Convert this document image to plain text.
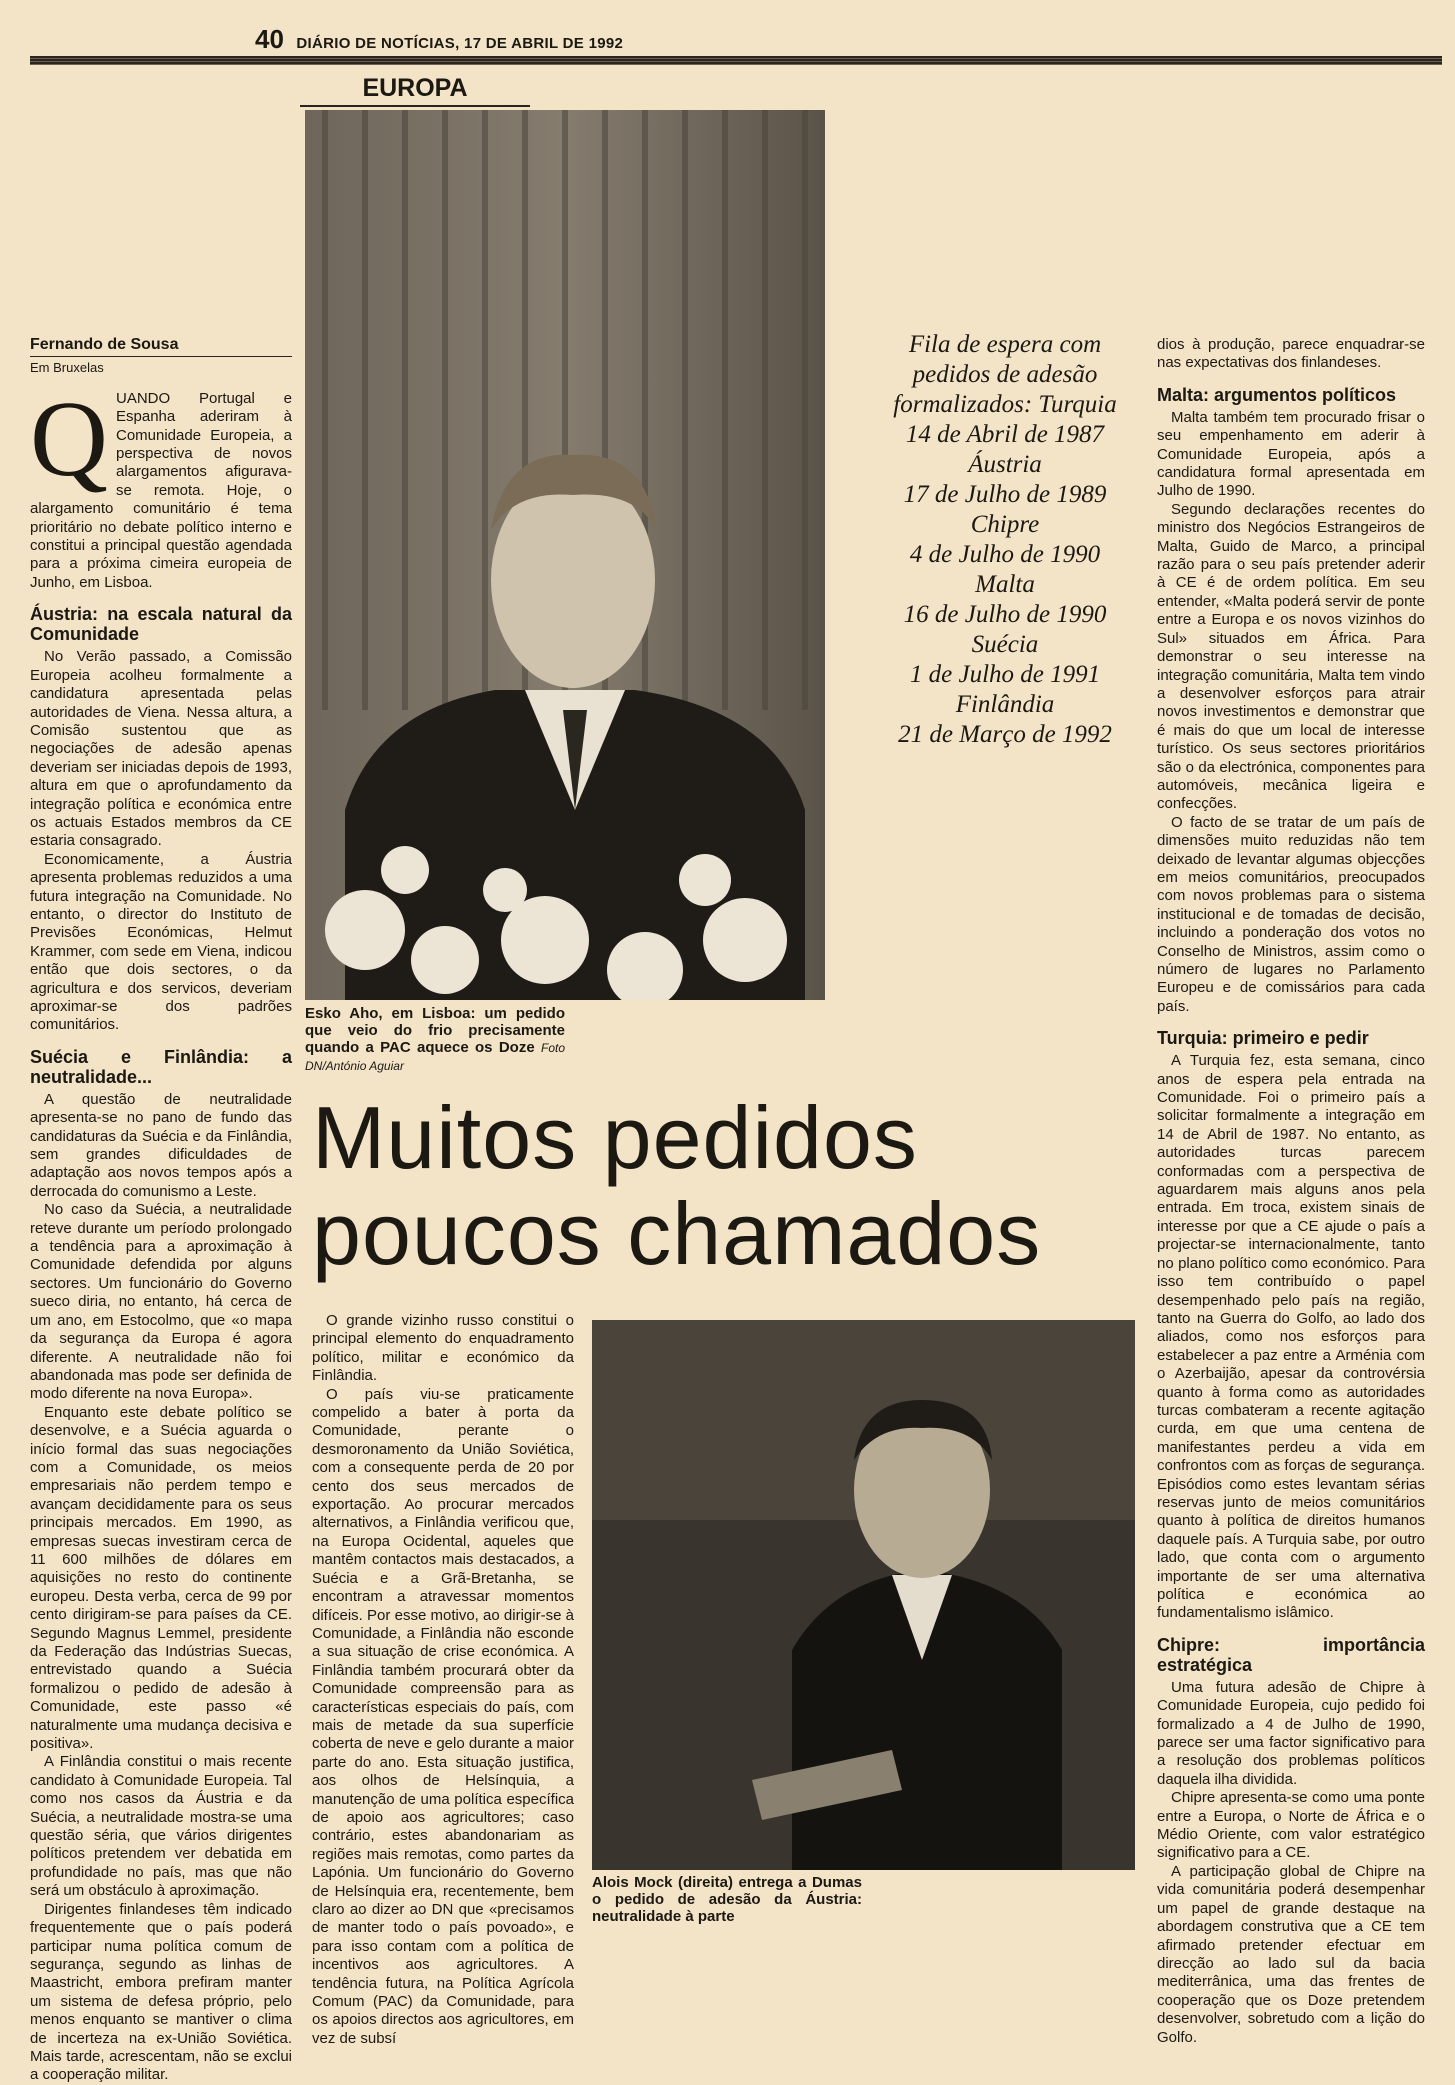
40 DIÁRIO DE NOTÍCIAS, 17 DE ABRIL DE 1992
EUROPA
Fernando de Sousa
Em Bruxelas
Q UANDO Portugal e Espanha aderiram à Comunidade Europeia, a perspectiva de novos alargamentos afigurava-se remota. Hoje, o alargamento comunitário é tema prioritário no debate político interno e constitui a principal questão agendada para a próxima cimeira europeia de Junho, em Lisboa.
Áustria: na escala natural da Comunidade

No Verão passado, a Comissão Europeia acolheu formalmente a candidatura apresentada pelas autoridades de Viena. Nessa altura, a Comisão sustentou que as negociações de adesão apenas deveriam ser iniciadas depois de 1993, altura em que o aprofundamento da integração política e económica entre os actuais Estados membros da CE estaria consagrado.

Economicamente, a Áustria apresenta problemas reduzidos a uma futura integração na Comunidade. No entanto, o director do Instituto de Previsões Económicas, Helmut Krammer, com sede em Viena, indicou então que dois sectores, o da agricultura e dos servicos, deveriam aproximar-se dos padrões comunitários.

Suécia e Finlândia: a neutralidade...

A questão de neutralidade apresenta-se no pano de fundo das candidaturas da Suécia e da Finlândia, sem grandes dificuldades de adaptação aos novos tempos após a derrocada do comunismo a Leste.

No caso da Suécia, a neutralidade reteve durante um período prolongado a tendência para a aproximação à Comunidade defendida por alguns sectores. Um funcionário do Governo sueco diria, no entanto, há cerca de um ano, em Estocolmo, que «o mapa da segurança da Europa é agora diferente. A neutralidade não foi abandonada mas pode ser definida de modo diferente na nova Europa».

Enquanto este debate político se desenvolve, e a Suécia aguarda o início formal das suas negociações com a Comunidade, os meios empresariais não perdem tempo e avançam decididamente para os seus principais mercados. Em 1990, as empresas suecas investiram cerca de 11 600 milhões de dólares em aquisições no resto do continente europeu. Desta verba, cerca de 99 por cento dirigiram-se para países da CE. Segundo Magnus Lemmel, presidente da Federação das Indústrias Suecas, entrevistado quando a Suécia formalizou o pedido de adesão à Comunidade, este passo «é naturalmente uma mudança decisiva e positiva».

A Finlândia constitui o mais recente candidato à Comunidade Europeia. Tal como nos casos da Áustria e da Suécia, a neutralidade mostra-se uma questão séria, que vários dirigentes políticos pretendem ver debatida em profundidade no país, mas que não será um obstáculo à aproximação.

Dirigentes finlandeses têm indicado frequentemente que o país poderá participar numa política comum de segurança, segundo as linhas de Maastricht, embora prefiram manter um sistema de defesa próprio, pelo menos enquanto se mantiver o clima de incerteza na ex-União Soviética. Mais tarde, acrescentam, não se exclui a cooperação militar.

Esko Aho, em Lisboa: um pedido que veio do frio precisamente quando a PAC aquece os Doze Foto DN/António Aguiar
Muitos pedidos
poucos chamados

O grande vizinho russo constitui o principal elemento do enquadramento político, militar e económico da Finlândia.

O país viu-se praticamente compelido a bater à porta da Comunidade, perante o desmoronamento da União Soviética, com a consequente perda de 20 por cento dos seus mercados de exportação. Ao procurar mercados alternativos, a Finlândia verificou que, na Europa Ocidental, aqueles que mantêm contactos mais destacados, a Suécia e a Grã-Bretanha, se encontram a atravessar momentos difíceis. Por esse motivo, ao dirigir-se à Comunidade, a Finlândia não esconde a sua situação de crise económica. A Finlândia também procurará obter da Comunidade compreensão para as características especiais do país, com mais de metade da sua superfície coberta de neve e gelo durante a maior parte do ano. Esta situação justifica, aos olhos de Helsínquia, a manutenção de uma política específica de apoio aos agricultores; caso contrário, estes abandonariam as regiões mais remotas, como partes da Lapónia. Um funcionário do Governo de Helsínquia era, recentemente, bem claro ao dizer ao DN que «precisamos de manter todo o país povoado», e para isso contam com a política de incentivos aos agricultores. A tendência futura, na Política Agrícola Comum (PAC) da Comunidade, para os apoios directos aos agricultores, em vez de subsí

Alois Mock (direita) entrega a Dumas o pedido de adesão da Áustria: neutralidade à parte
Fila de espera com
pedidos de adesão
formalizados: Turquia
14 de Abril de 1987
Áustria
17 de Julho de 1989
Chipre
4 de Julho de 1990
Malta
16 de Julho de 1990
Suécia
1 de Julho de 1991
Finlândia
21 de Março de 1992

dios à produção, parece enquadrar-se nas expectativas dos finlandeses.

Malta: argumentos políticos

Malta também tem procurado frisar o seu empenhamento em aderir à Comunidade Europeia, após a candidatura formal apresentada em Julho de 1990.

Segundo declarações recentes do ministro dos Negócios Estrangeiros de Malta, Guido de Marco, a principal razão para o seu país pretender aderir à CE é de ordem política. Em seu entender, «Malta poderá servir de ponte entre a Europa e os novos vizinhos do Sul» situados em África. Para demonstrar o seu interesse na integração comunitária, Malta tem vindo a desenvolver esforços para atrair novos investimentos e demonstrar que é mais do que um local de interesse turístico. Os seus sectores prioritários são o da electrónica, componentes para automóveis, mecânica ligeira e confecções.

O facto de se tratar de um país de dimensões muito reduzidas não tem deixado de levantar algumas objecções em meios comunitários, preocupados com novos problemas para o sistema institucional e de tomadas de decisão, incluindo a ponderação dos votos no Conselho de Ministros, assim como o número de lugares no Parlamento Europeu e de comissários para cada país.

Turquia: primeiro e pedir

A Turquia fez, esta semana, cinco anos de espera pela entrada na Comunidade. Foi o primeiro país a solicitar formalmente a integração em 14 de Abril de 1987. No entanto, as autoridades turcas parecem conformadas com a perspectiva de aguardarem mais alguns anos pela entrada. Em troca, existem sinais de interesse por que a CE ajude o país a projectar-se internacionalmente, tanto no plano político como económico. Para isso tem contribuído o papel desempenhado pelo país na região, tanto na Guerra do Golfo, ao lado dos aliados, como nos esforços para estabelecer a paz entre a Arménia com o Azerbaijão, apesar da controvérsia quanto à forma como as autoridades turcas combateram a recente agitação curda, em que uma centena de manifestantes perdeu a vida em confrontos com as forças de segurança. Episódios como estes levantam sérias reservas junto de meios comunitários quanto à política de direitos humanos daquele país. A Turquia sabe, por outro lado, que conta com o argumento importante de ser uma alternativa política e económica ao fundamentalismo islâmico.

Chipre: importância estratégica

Uma futura adesão de Chipre à Comunidade Europeia, cujo pedido foi formalizado a 4 de Julho de 1990, parece ser uma factor significativo para a resolução dos problemas políticos daquela ilha dividida.

Chipre apresenta-se como uma ponte entre a Europa, o Norte de África e o Médio Oriente, com valor estratégico significativo para a CE.

A participação global de Chipre na vida comunitária poderá desempenhar um papel de grande destaque na abordagem construtiva que a CE tem afirmado pretender efectuar em direcção ao lado sul da bacia mediterrânica, uma das frentes de cooperação que os Doze pretendem desenvolver, sobretudo com a lição do Golfo.
